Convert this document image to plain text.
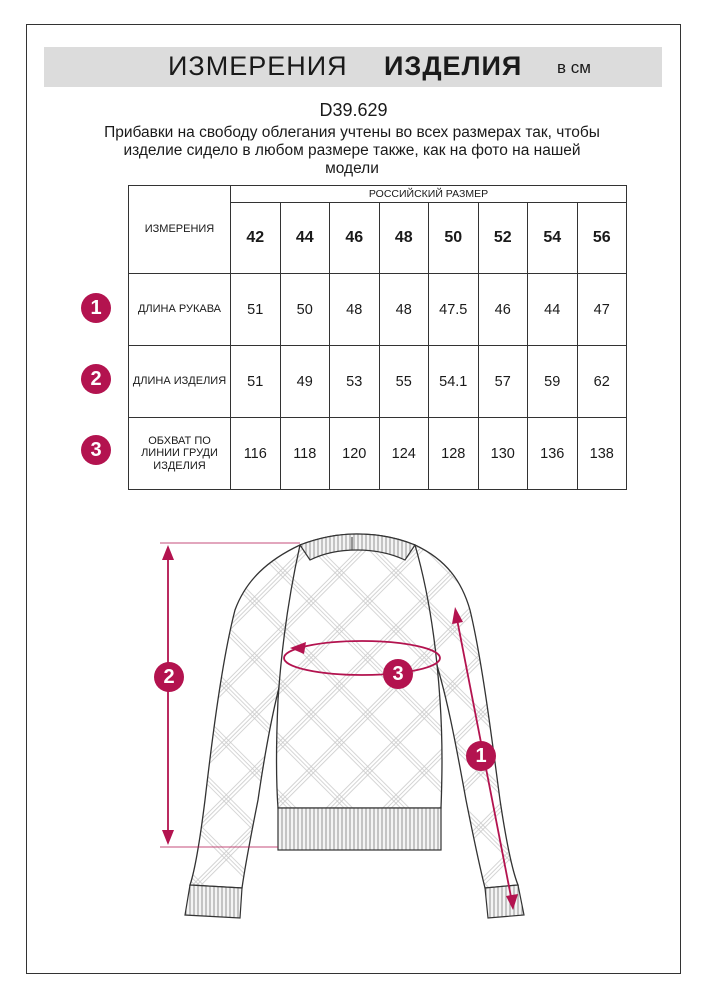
ИЗМЕРЕНИЯ ИЗДЕЛИЯ в см
D39.629
Прибавки на свободу облегания учтены во всех размерах так, чтобы изделие сидело в любом размере также, как на фото на нашей модели
ИЗМЕРЕНИЯ	РОССИЙСКИЙ РАЗМЕР							
	42	44	46	48	50	52	54	56
ДЛИНА РУКАВА	51	50	48	48	47.5	46	44	47
ДЛИНА ИЗДЕЛИЯ	51	49	53	55	54.1	57	59	62
ОБХВАТ ПО ЛИНИИ ГРУДИ ИЗДЕЛИЯ	116	118	120	124	128	130	136	138
1
2
3
2	3
1
